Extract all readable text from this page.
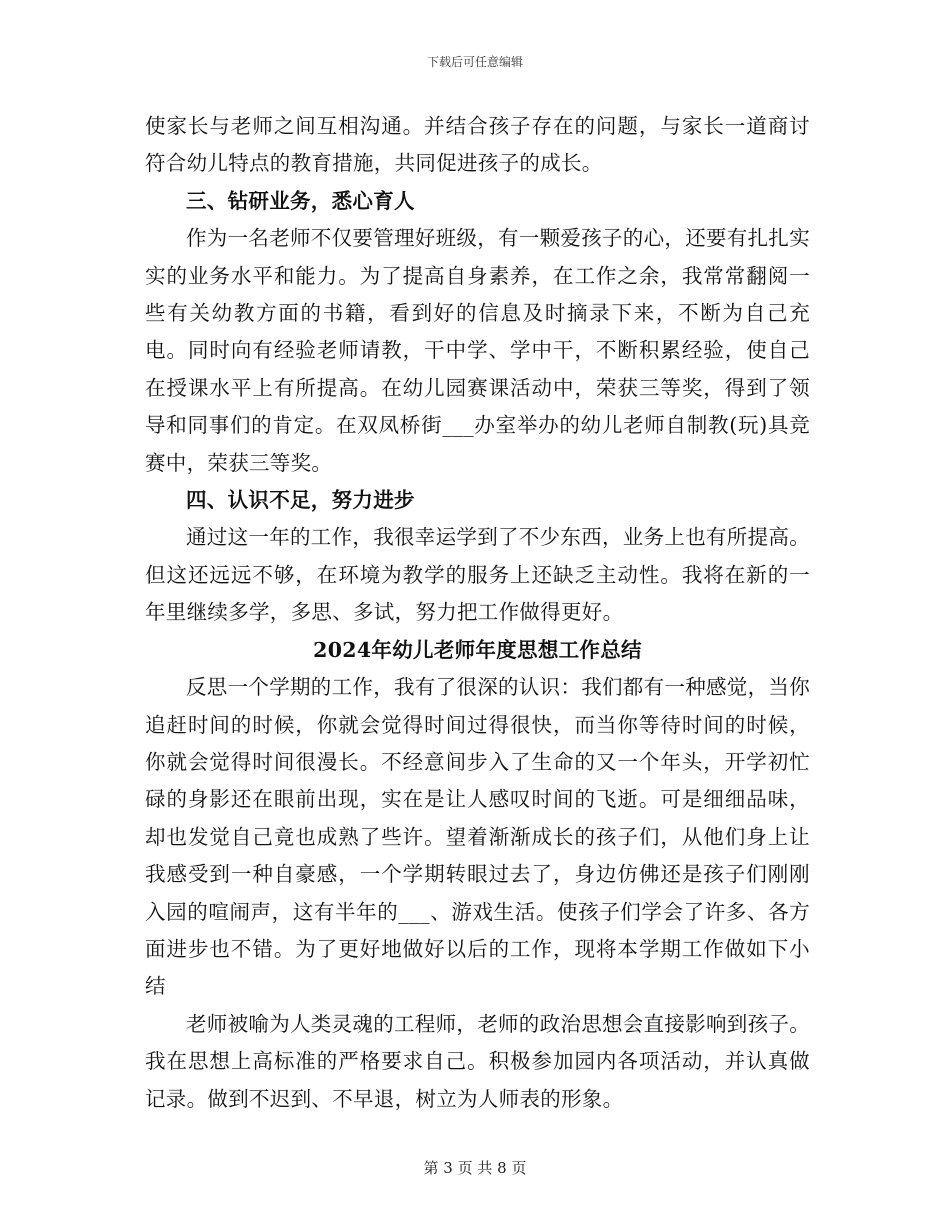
下载后可任意编辑

使家长与老师之间互相沟通。并结合孩子存在的问题，与家长一道商讨符合幼儿特点的教育措施，共同促进孩子的成长。

三、钻研业务，悉心育人

作为一名老师不仅要管理好班级，有一颗爱孩子的心，还要有扎扎实实的业务水平和能力。为了提高自身素养，在工作之余，我常常翻阅一些有关幼教方面的书籍，看到好的信息及时摘录下来，不断为自己充电。同时向有经验老师请教，干中学、学中干，不断积累经验，使自己在授课水平上有所提高。在幼儿园赛课活动中，荣获三等奖，得到了领导和同事们的肯定。在双凤桥街___办室举办的幼儿老师自制教(玩)具竞赛中，荣获三等奖。

四、认识不足，努力进步

通过这一年的工作，我很幸运学到了不少东西，业务上也有所提高。但这还远远不够，在环境为教学的服务上还缺乏主动性。我将在新的一年里继续多学，多思、多试，努力把工作做得更好。

2024年幼儿老师年度思想工作总结

反思一个学期的工作，我有了很深的认识：我们都有一种感觉，当你追赶时间的时候，你就会觉得时间过得很快，而当你等待时间的时候，你就会觉得时间很漫长。不经意间步入了生命的又一个年头，开学初忙碌的身影还在眼前出现，实在是让人感叹时间的飞逝。可是细细品味，却也发觉自己竟也成熟了些许。望着渐渐成长的孩子们，从他们身上让我感受到一种自豪感，一个学期转眼过去了，身边仿佛还是孩子们刚刚入园的喧闹声，这有半年的___、游戏生活。使孩子们学会了许多、各方面进步也不错。为了更好地做好以后的工作，现将本学期工作做如下小结

老师被喻为人类灵魂的工程师，老师的政治思想会直接影响到孩子。我在思想上高标准的严格要求自己。积极参加园内各项活动，并认真做记录。做到不迟到、不早退，树立为人师表的形象。

第 3 页 共 8 页
